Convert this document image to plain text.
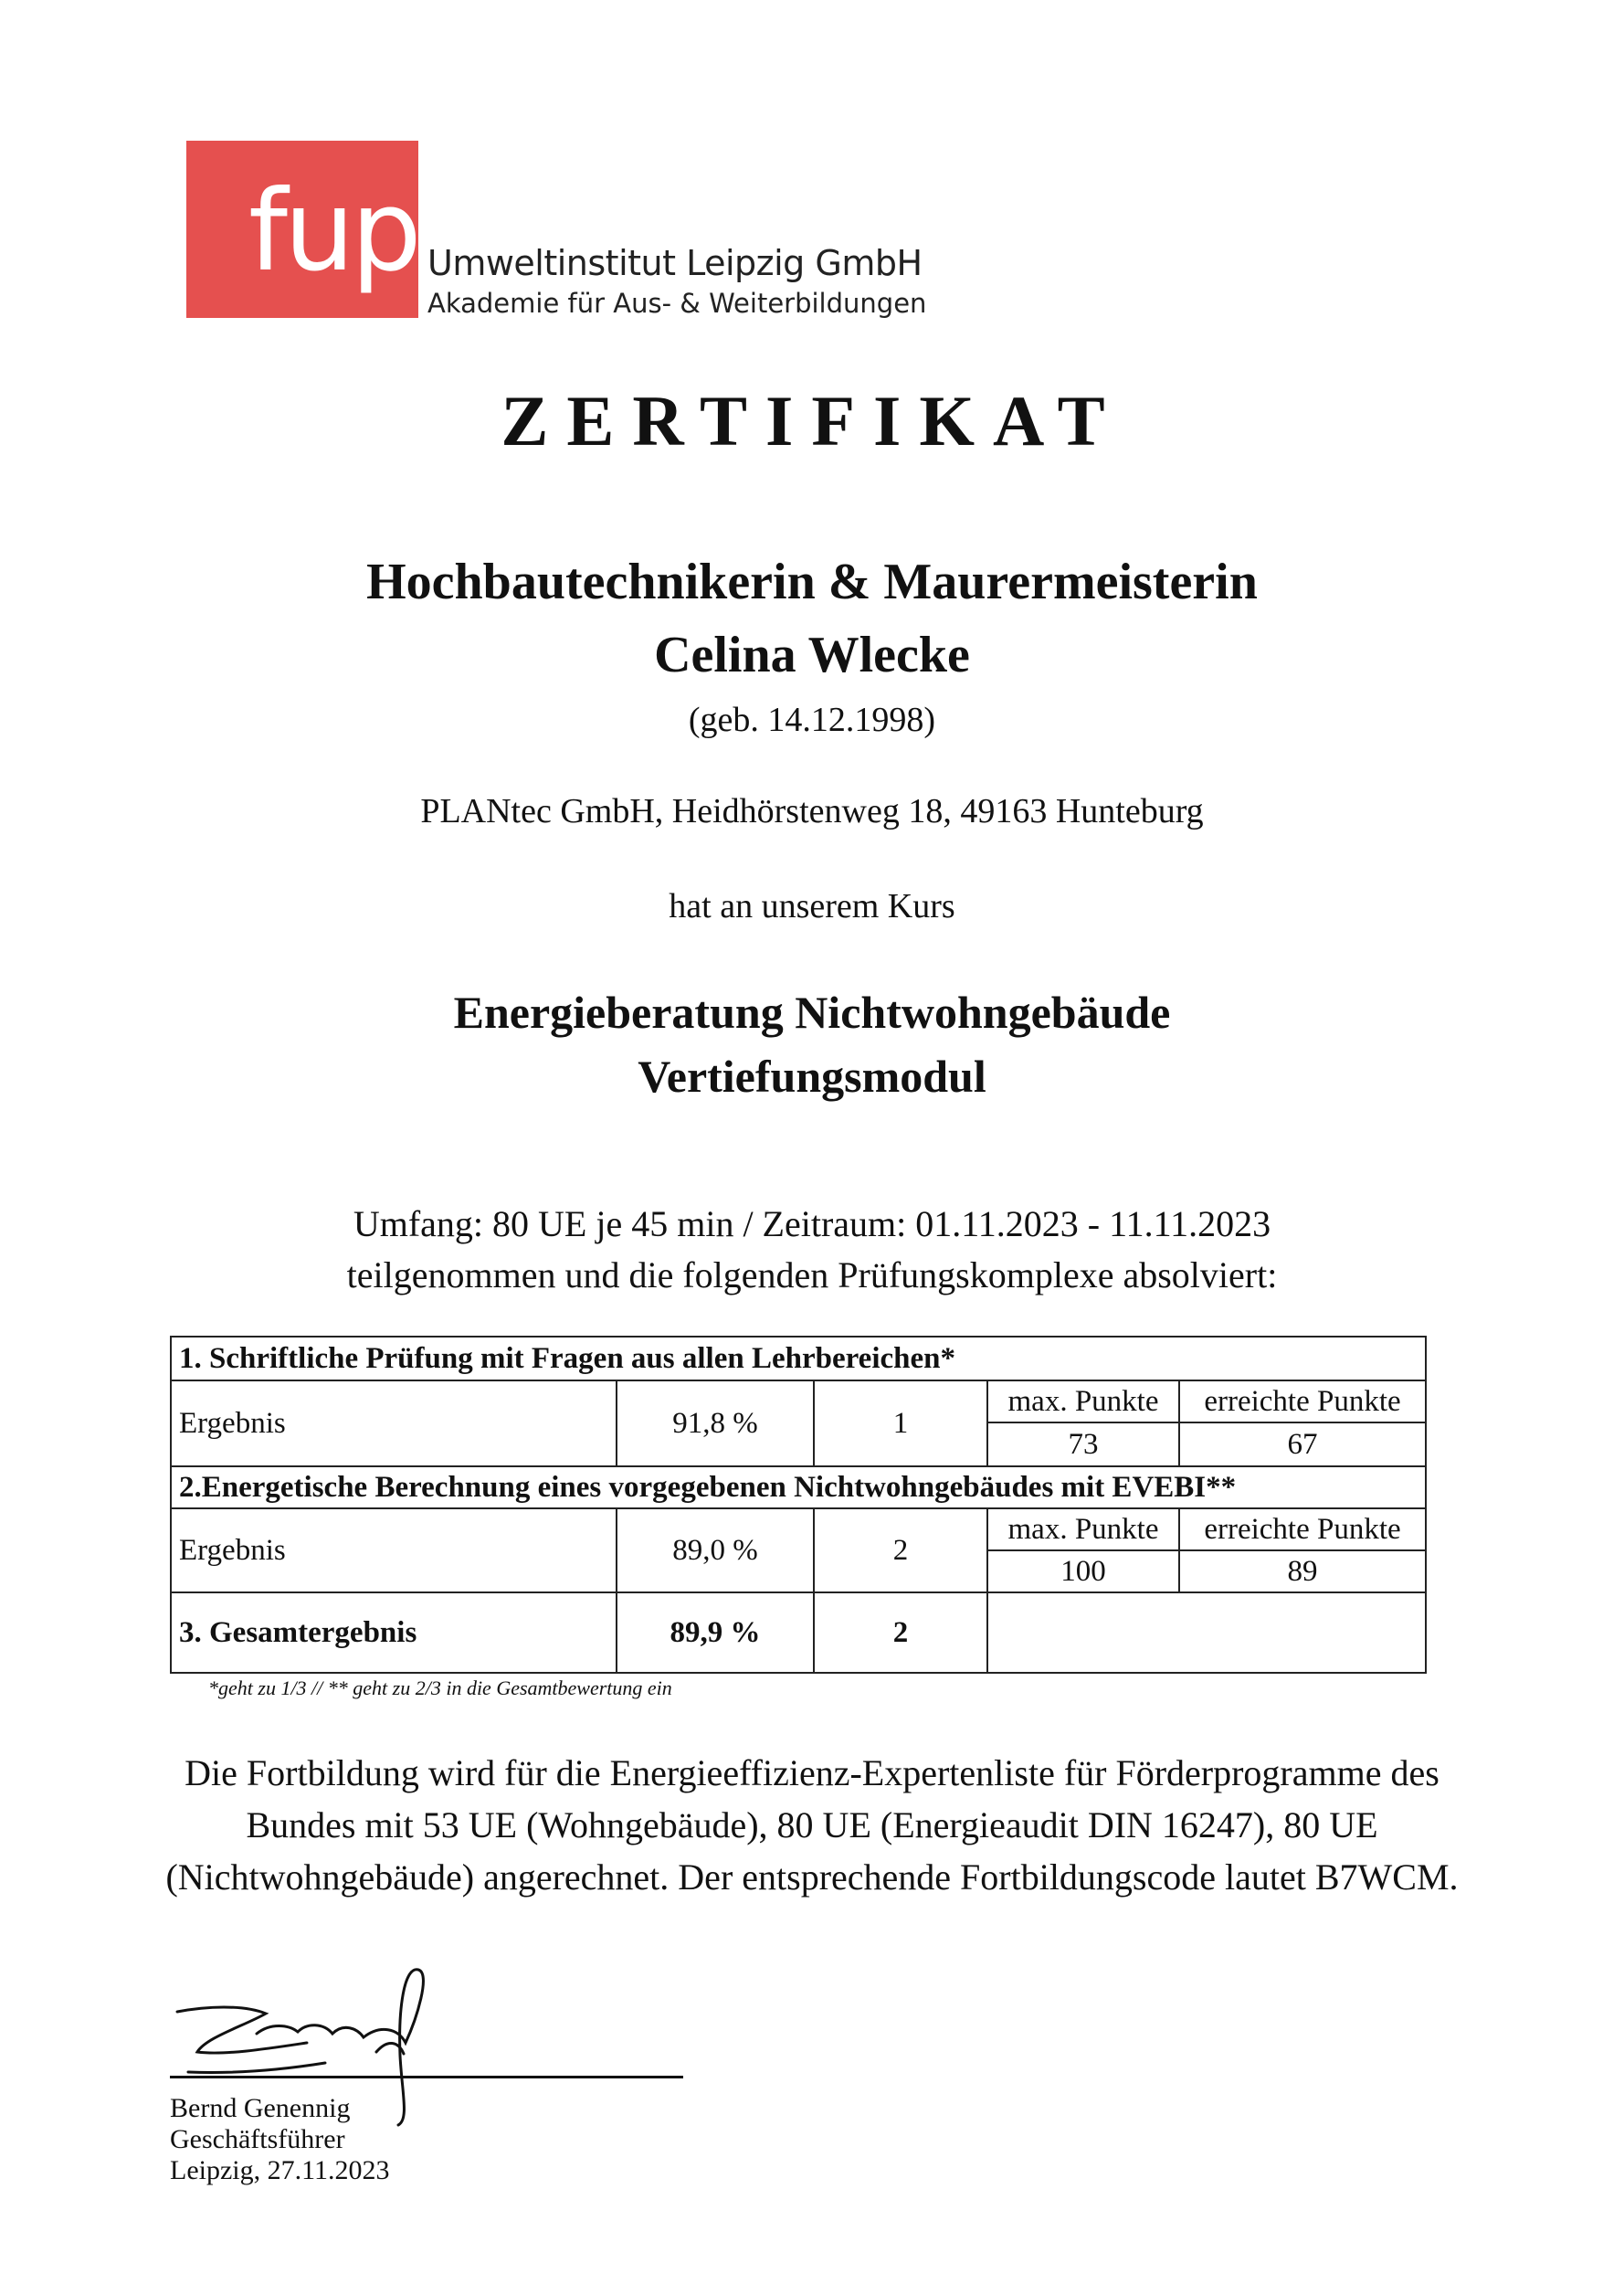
fup Umweltinstitut Leipzig GmbH
Akademie für Aus- & Weiterbildungen
ZERTIFIKAT
Hochbautechnikerin & Maurermeisterin
Celina Wlecke
(geb. 14.12.1998)
PLANtec GmbH, Heidhörstenweg 18, 49163 Hunteburg
hat an unserem Kurs
Energieberatung Nichtwohngebäude
Vertiefungsmodul
Umfang: 80 UE je 45 min / Zeitraum: 01.11.2023 - 11.11.2023
teilgenommen und die folgenden Prüfungskomplexe absolviert:
1. Schriftliche Prüfung mit Fragen aus allen Lehrbereichen*
Ergebnis	91,8 %	1
max. Punkte	erreichte Punkte
73	67
2.Energetische Berechnung eines vorgegebenen Nichtwohngebäudes mit EVEBI**
Ergebnis	89,0 %	2
max. Punkte	erreichte Punkte
100	89
3. Gesamtergebnis	89,9 %	2
*geht zu 1/3 // ** geht zu 2/3 in die Gesamtbewertung ein
Die Fortbildung wird für die Energieeffizienz-Expertenliste für Förderprogramme des Bundes mit 53 UE (Wohngebäude), 80 UE (Energieaudit DIN 16247), 80 UE (Nichtwohngebäude) angerechnet. Der entsprechende Fortbildungscode lautet B7WCM.
Bernd Genennig
Geschäftsführer
Leipzig, 27.11.2023
